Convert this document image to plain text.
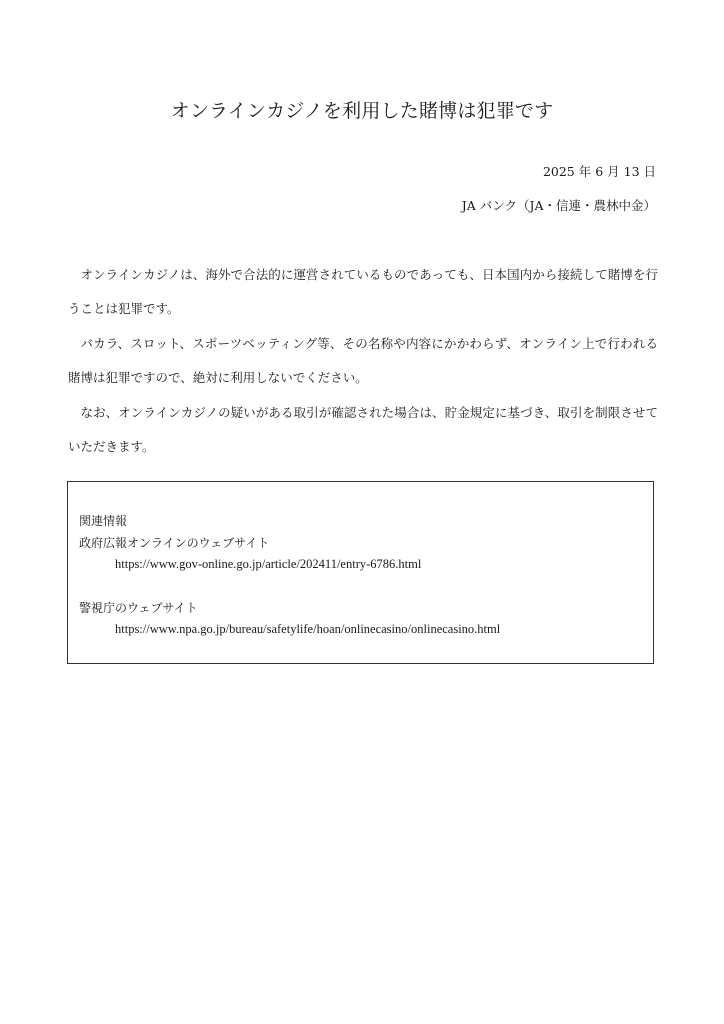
オンラインカジノを利用した賭博は犯罪です
2025 年 6 月 13 日
JA バンク（JA・信連・農林中金）

オンラインカジノは、海外で合法的に運営されているものであっても、日本国内から接続して賭博を行うことは犯罪です。

バカラ、スロット、スポーツベッティング等、その名称や内容にかかわらず、オンライン上で行われる賭博は犯罪ですので、絶対に利用しないでください。

なお、オンラインカジノの疑いがある取引が確認された場合は、貯金規定に基づき、取引を制限させていただきます。

関連情報
政府広報オンラインのウェブサイト
https://www.gov-online.go.jp/article/202411/entry-6786.html
警視庁のウェブサイト
https://www.npa.go.jp/bureau/safetylife/hoan/onlinecasino/onlinecasino.html
